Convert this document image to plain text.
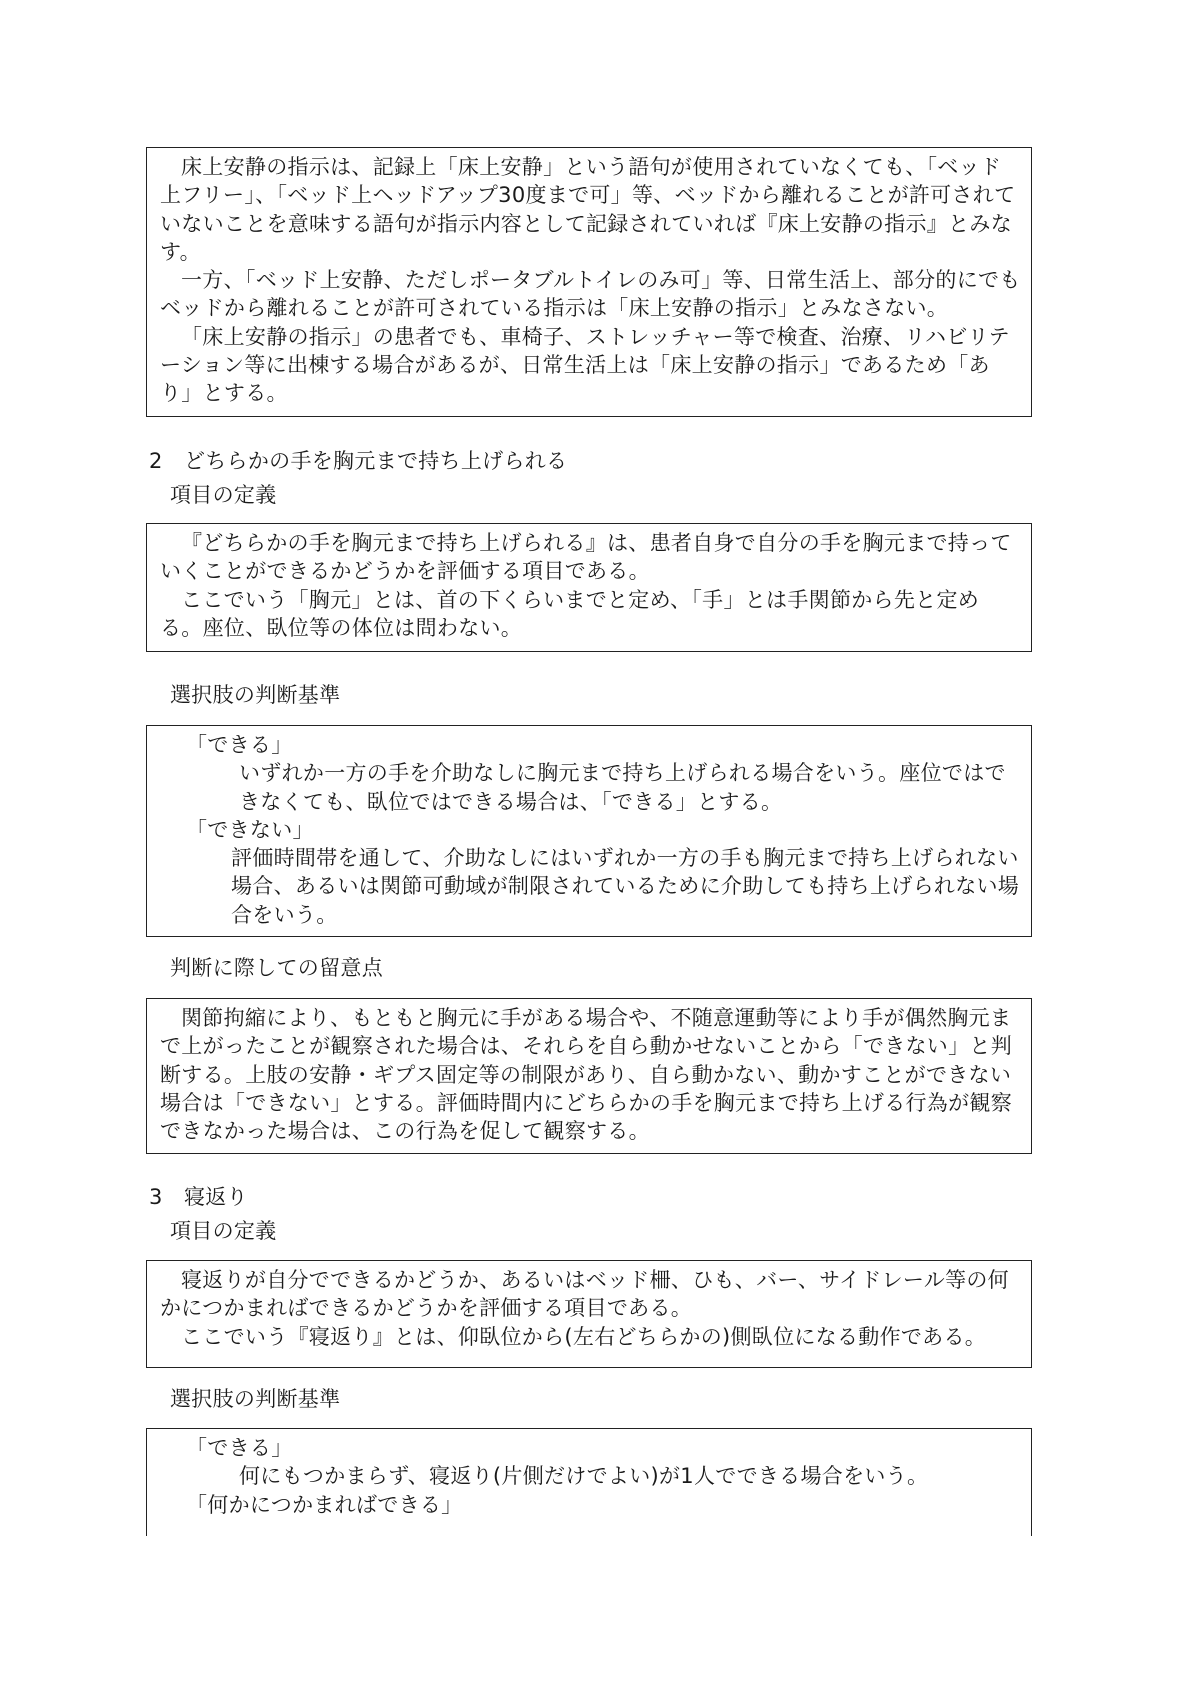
床上安静の指示は、記録上「床上安静」という語句が使用されていなくても、「ベッド上フリー」、「ベッド上ヘッドアップ30度まで可」等、ベッドから離れることが許可されていないことを意味する語句が指示内容として記録されていれば『床上安静の指示』とみなす。

一方、「ベッド上安静、ただしポータブルトイレのみ可」等、日常生活上、部分的にでもベッドから離れることが許可されている指示は「床上安静の指示」とみなさない。

「床上安静の指示」の患者でも、車椅子、ストレッチャー等で検査、治療、リハビリテーション等に出棟する場合があるが、日常生活上は「床上安静の指示」であるため「あり」とする。

2　どちらかの手を胸元まで持ち上げられる

項目の定義

『どちらかの手を胸元まで持ち上げられる』は、患者自身で自分の手を胸元まで持っていくことができるかどうかを評価する項目である。

ここでいう「胸元」とは、首の下くらいまでと定め、「手」とは手関節から先と定める。座位、臥位等の体位は問わない。

選択肢の判断基準

「できる」

いずれか一方の手を介助なしに胸元まで持ち上げられる場合をいう。座位ではできなくても、臥位ではできる場合は、「できる」とする。

「できない」

評価時間帯を通して、介助なしにはいずれか一方の手も胸元まで持ち上げられない場合、あるいは関節可動域が制限されているために介助しても持ち上げられない場合をいう。

判断に際しての留意点

関節拘縮により、もともと胸元に手がある場合や、不随意運動等により手が偶然胸元まで上がったことが観察された場合は、それらを自ら動かせないことから「できない」と判断する。上肢の安静・ギプス固定等の制限があり、自ら動かない、動かすことができない場合は「できない」とする。評価時間内にどちらかの手を胸元まで持ち上げる行為が観察できなかった場合は、この行為を促して観察する。

3　寝返り

項目の定義

寝返りが自分でできるかどうか、あるいはベッド柵、ひも、バー、サイドレール等の何かにつかまればできるかどうかを評価する項目である。

ここでいう『寝返り』とは、仰臥位から(左右どちらかの)側臥位になる動作である。

選択肢の判断基準

「できる」

何にもつかまらず、寝返り(片側だけでよい)が1人でできる場合をいう。

「何かにつかまればできる」
